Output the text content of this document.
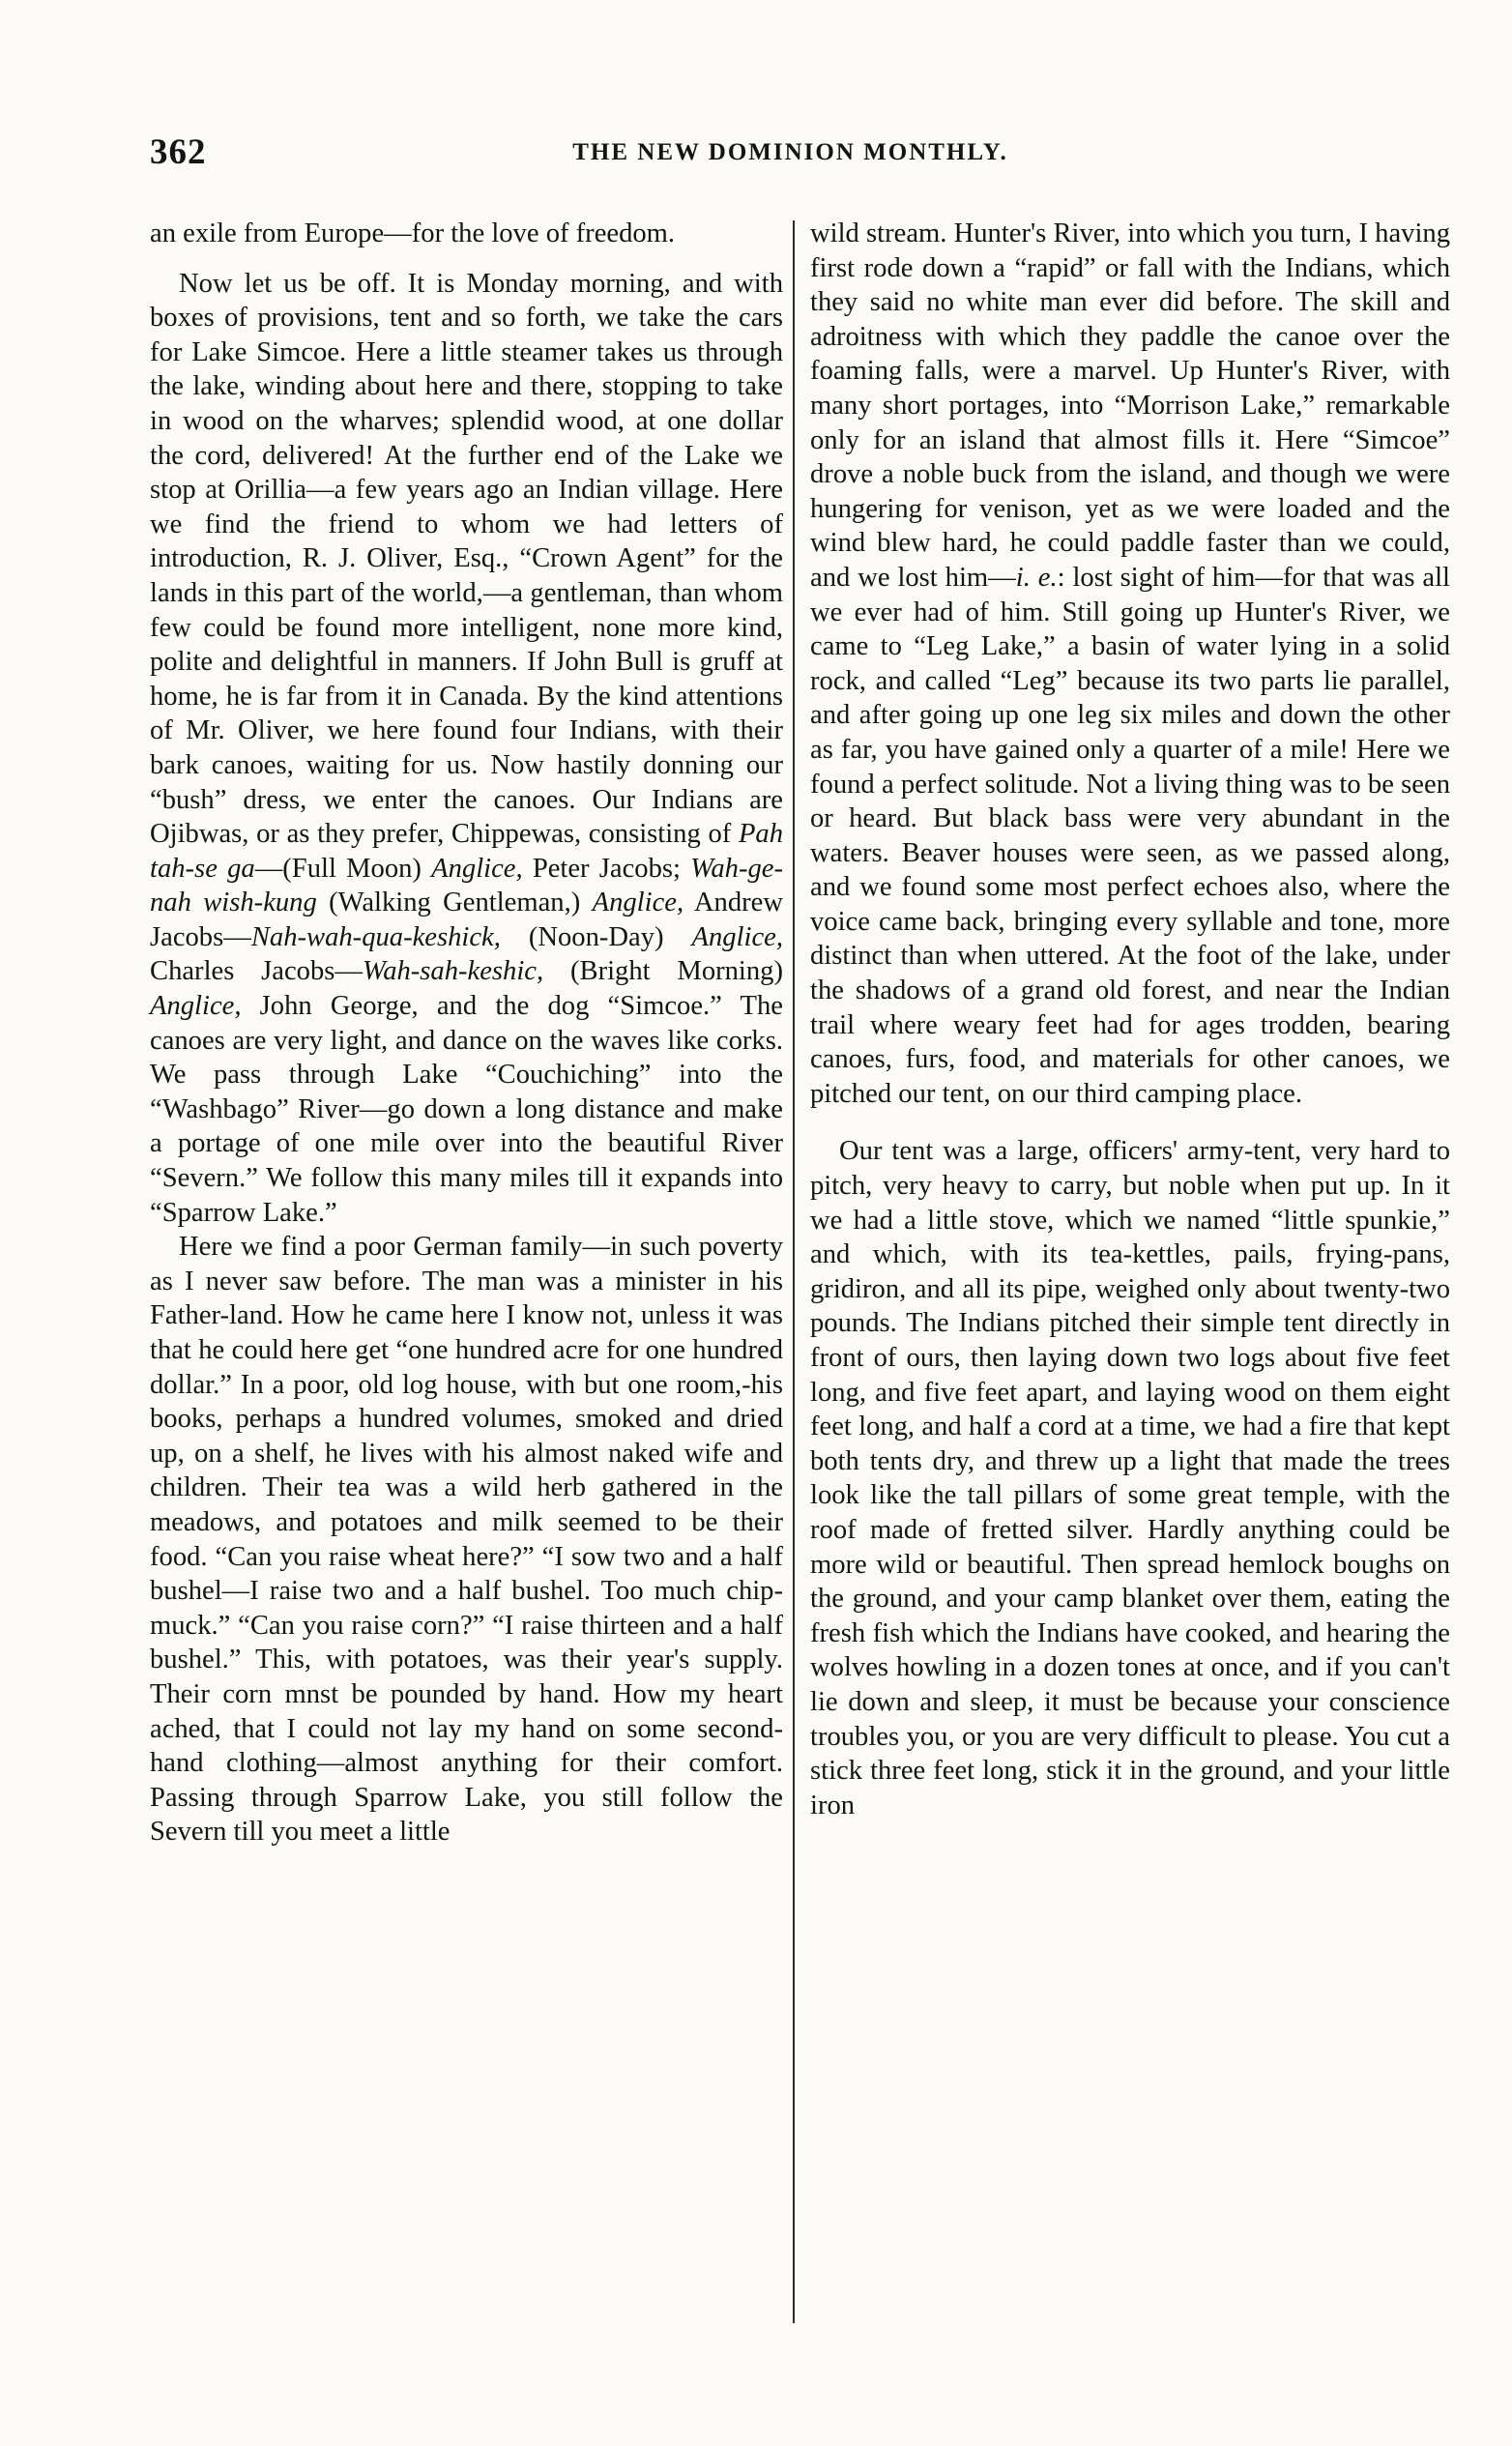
362	THE NEW DOMINION MONTHLY.

an exile from Europe—for the love of freedom.

Now let us be off. It is Monday morning, and with boxes of provisions, tent and so forth, we take the cars for Lake Simcoe. Here a little steamer takes us through the lake, winding about here and there, stopping to take in wood on the wharves; splendid wood, at one dollar the cord, delivered! At the further end of the Lake we stop at Orillia—a few years ago an Indian village. Here we find the friend to whom we had letters of introduction, R. J. Oliver, Esq., “Crown Agent” for the lands in this part of the world,—a gentleman, than whom few could be found more intelligent, none more kind, polite and delightful in manners. If John Bull is gruff at home, he is far from it in Canada. By the kind attentions of Mr. Oliver, we here found four Indians, with their bark canoes, waiting for us. Now hastily donning our “bush” dress, we enter the canoes. Our Indians are Ojibwas, or as they prefer, Chippewas, consisting of Pah tah-se ga—(Full Moon) Anglice, Peter Jacobs; Wah-ge-nah wish-kung (Walking Gentleman,) Anglice, Andrew Jacobs—Nah-wah-qua-keshick, (Noon-Day) Anglice, Charles Jacobs—Wah-sah-keshic, (Bright Morning) Anglice, John George, and the dog “Simcoe.” The canoes are very light, and dance on the waves like corks. We pass through Lake “Couchiching” into the “Washbago” River—go down a long distance and make a portage of one mile over into the beautiful River “Severn.” We follow this many miles till it expands into “Sparrow Lake.”

Here we find a poor German family—in such poverty as I never saw before. The man was a minister in his Father-land. How he came here I know not, unless it was that he could here get “one hundred acre for one hundred dollar.” In a poor, old log house, with but one room,-his books, perhaps a hundred volumes, smoked and dried up, on a shelf, he lives with his almost naked wife and children. Their tea was a wild herb gathered in the meadows, and potatoes and milk seemed to be their food. “Can you raise wheat here?” “I sow two and a half bushel—I raise two and a half bushel. Too much chip-muck.” “Can you raise corn?” “I raise thirteen and a half bushel.” This, with potatoes, was their year's supply. Their corn mnst be pounded by hand. How my heart ached, that I could not lay my hand on some second-hand clothing—almost anything for their comfort. Passing through Sparrow Lake, you still follow the Severn till you meet a little

wild stream. Hunter's River, into which you turn, I having first rode down a “rapid” or fall with the Indians, which they said no white man ever did before. The skill and adroitness with which they paddle the canoe over the foaming falls, were a marvel. Up Hunter's River, with many short portages, into “Morrison Lake,” remarkable only for an island that almost fills it. Here “Simcoe” drove a noble buck from the island, and though we were hungering for venison, yet as we were loaded and the wind blew hard, he could paddle faster than we could, and we lost him—i. e.: lost sight of him—for that was all we ever had of him. Still going up Hunter's River, we came to “Leg Lake,” a basin of water lying in a solid rock, and called “Leg” because its two parts lie parallel, and after going up one leg six miles and down the other as far, you have gained only a quarter of a mile! Here we found a perfect solitude. Not a living thing was to be seen or heard. But black bass were very abundant in the waters. Beaver houses were seen, as we passed along, and we found some most perfect echoes also, where the voice came back, bringing every syllable and tone, more distinct than when uttered. At the foot of the lake, under the shadows of a grand old forest, and near the Indian trail where weary feet had for ages trodden, bearing canoes, furs, food, and materials for other canoes, we pitched our tent, on our third camping place.

Our tent was a large, officers' army-tent, very hard to pitch, very heavy to carry, but noble when put up. In it we had a little stove, which we named “little spunkie,” and which, with its tea-kettles, pails, frying-pans, gridiron, and all its pipe, weighed only about twenty-two pounds. The Indians pitched their simple tent directly in front of ours, then laying down two logs about five feet long, and five feet apart, and laying wood on them eight feet long, and half a cord at a time, we had a fire that kept both tents dry, and threw up a light that made the trees look like the tall pillars of some great temple, with the roof made of fretted silver. Hardly anything could be more wild or beautiful. Then spread hemlock boughs on the ground, and your camp blanket over them, eating the fresh fish which the Indians have cooked, and hearing the wolves howling in a dozen tones at once, and if you can't lie down and sleep, it must be because your conscience troubles you, or you are very difficult to please. You cut a stick three feet long, stick it in the ground, and your little iron
